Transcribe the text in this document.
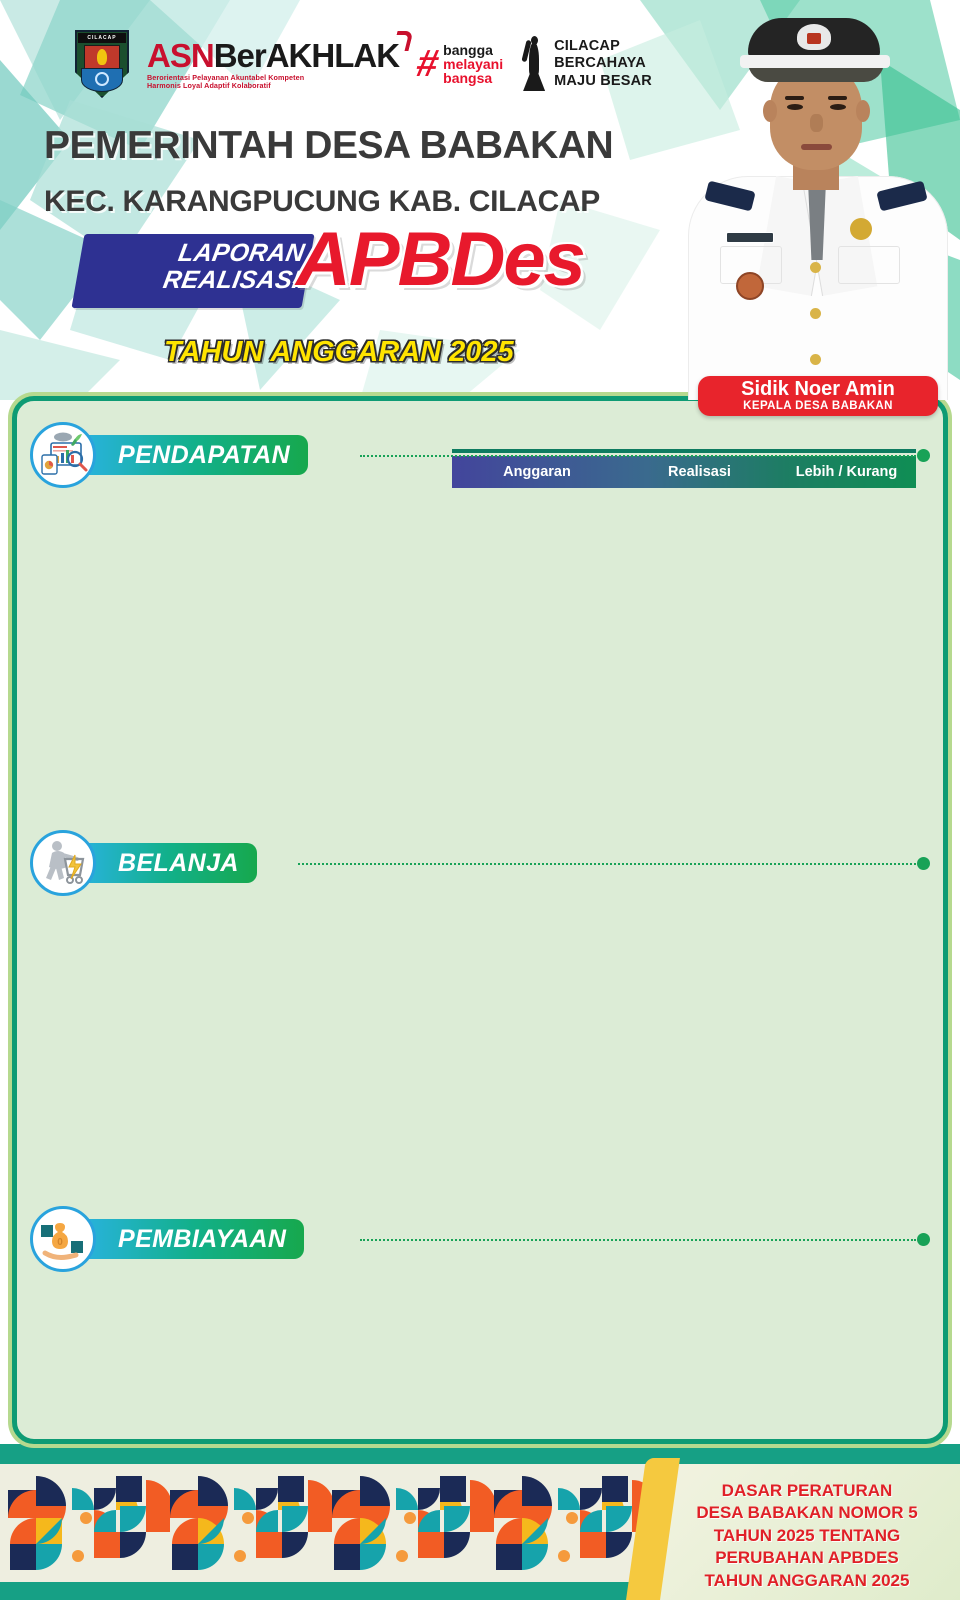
CILACAP ASN BerAKHLAK
Berorientasi Pelayanan Akuntabel Kompeten
Harmonis Loyal Adaptif Kolaboratif
# bangga
melayani
bangsa
CILACAP
BERCAHAYA
MAJU BESAR
PEMERINTAH DESA BABAKAN
KEC. KARANGPUCUNG KAB. CILACAP
LAPORAN
REALISASI
APBDes
TAHUN ANGGARAN 2025
Sidik Noer Amin
KEPALA DESA BABAKAN
PENDAPATAN
Anggaran	Realisasi	Lebih / Kurang
BELANJA
0 PEMBIAYAAN
DASAR PERATURAN
DESA BABAKAN NOMOR 5
TAHUN 2025 TENTANG
PERUBAHAN APBDES
TAHUN ANGGARAN 2025
